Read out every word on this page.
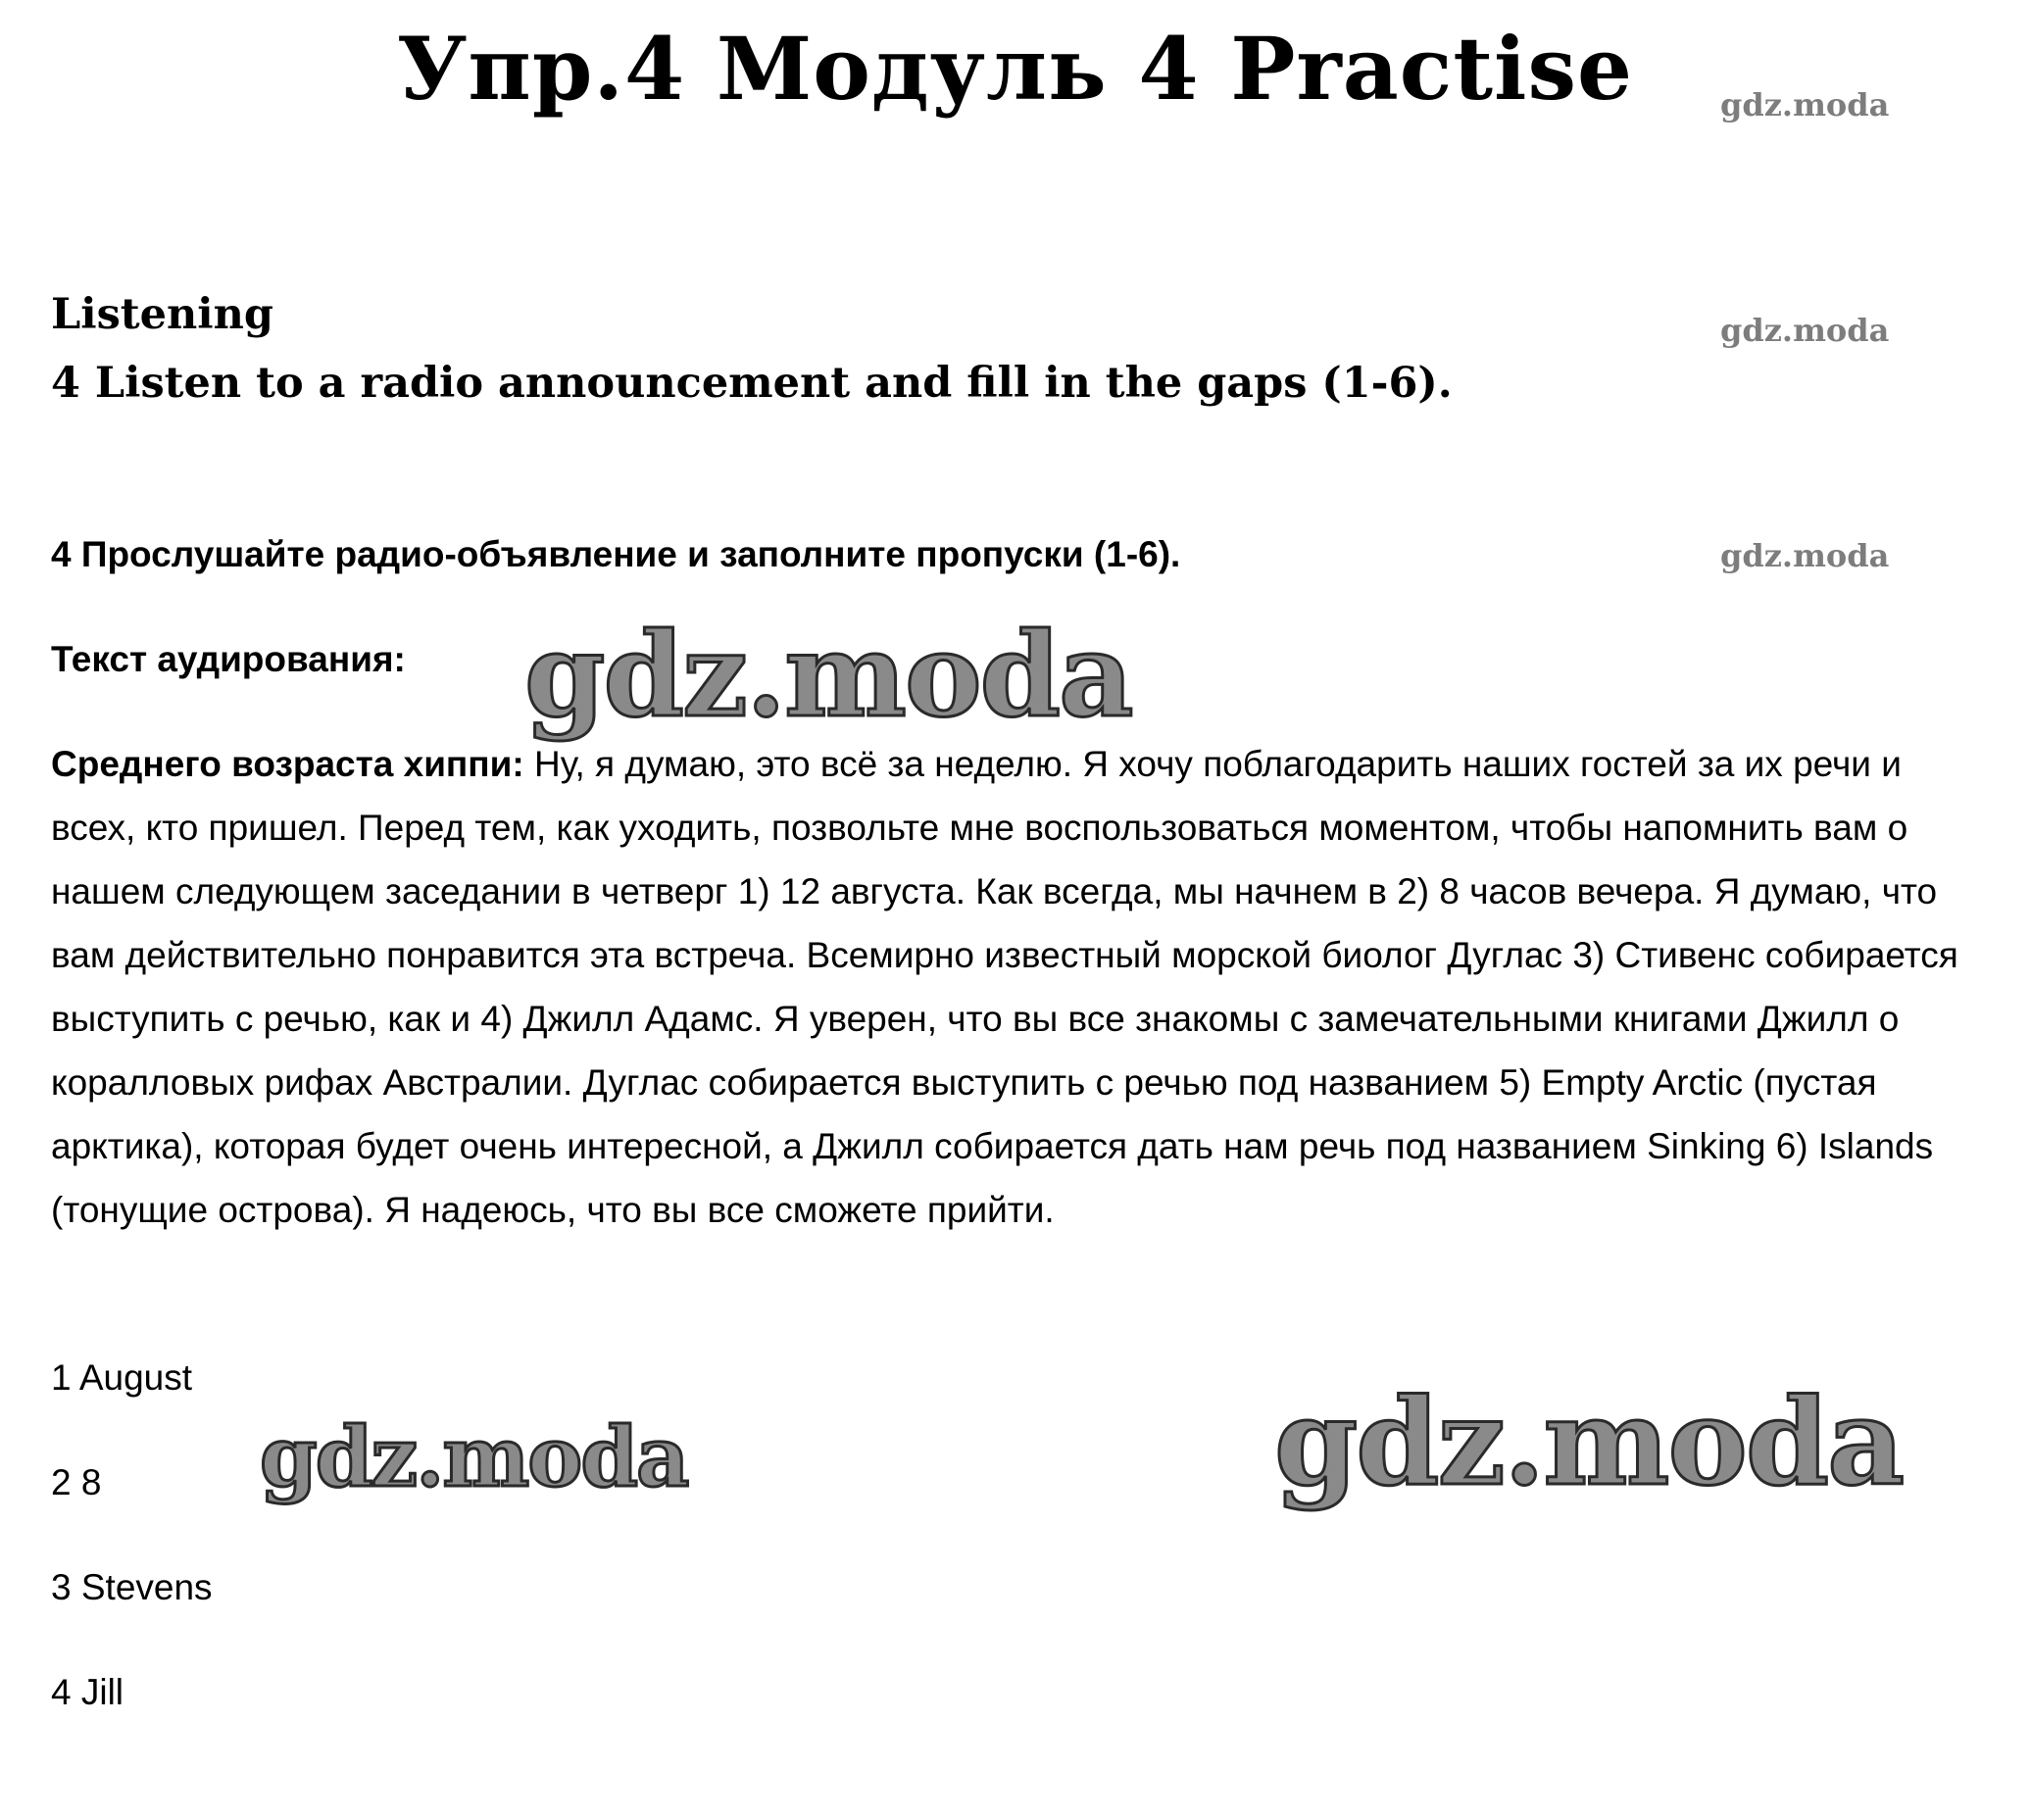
Упр.4 Модуль 4 Practise	gdz.moda
gdz.moda
gdz.moda
Listening
4 Listen to a radio announcement and fill in the gaps (1-6).
4 Прослушайте радио-объявление и заполните пропуски (1-6).
Текст аудирования: gdz.moda

Среднего возраста хиппи: Ну, я думаю, это всё за неделю. Я хочу поблагодарить наших гостей за их речи и всех, кто пришел. Перед тем, как уходить, позвольте мне воспользоваться моментом, чтобы напомнить вам о нашем следующем заседании в четверг 1) 12 августа. Как всегда, мы начнем в 2) 8 часов вечера. Я думаю, что вам действительно понравится эта встреча. Всемирно известный морской биолог Дуглас 3) Стивенс собирается выступить с речью, как и 4) Джилл Адамс. Я уверен, что вы все знакомы с замечательными книгами Джилл о коралловых рифах Австралии. Дуглас собирается выступить с речью под названием 5) Empty Arctic (пустая арктика), которая будет очень интересной, а Джилл собирается дать нам речь под названием Sinking 6) Islands (тонущие острова). Я надеюсь, что вы все сможете прийти.

1 August
2 8
3 Stevens
4 Jill
gdz.moda	gdz.moda
